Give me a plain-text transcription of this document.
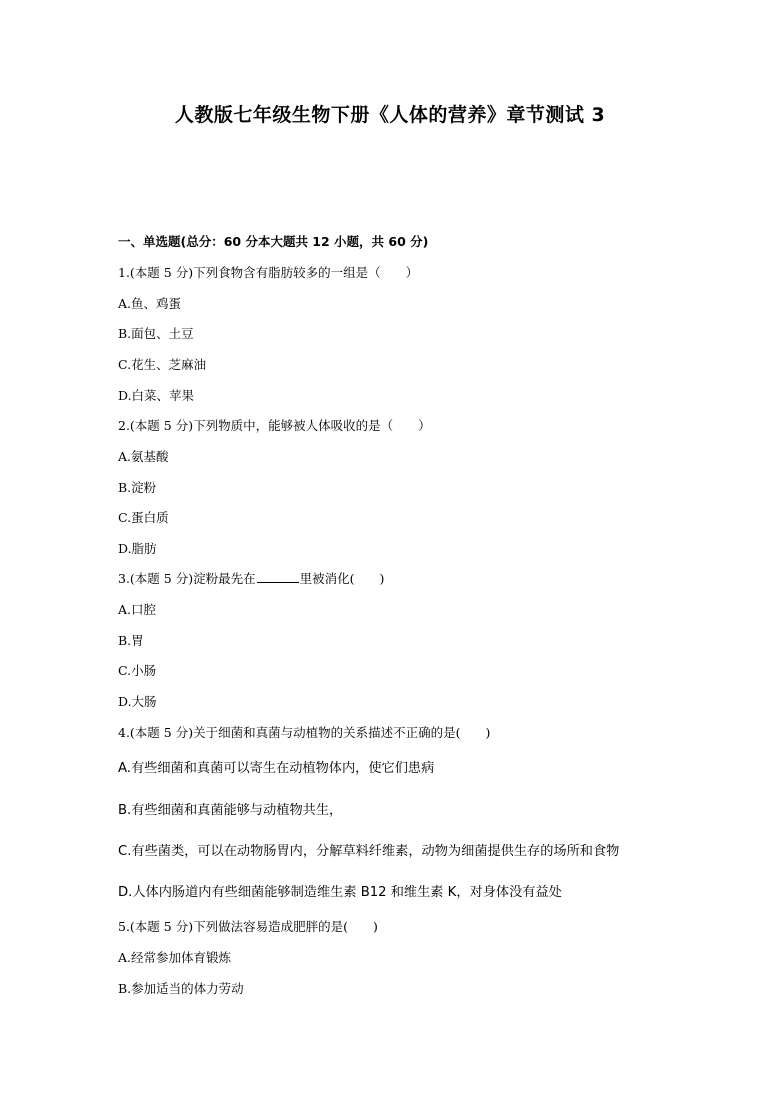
人教版七年级生物下册《人体的营养》章节测试 3
一、单选题(总分：60 分本大题共 12 小题，共 60 分)
1.(本题 5 分)下列食物含有脂肪较多的一组是（　　）
A.鱼、鸡蛋
B.面包、土豆
C.花生、芝麻油
D.白菜、苹果
2.(本题 5 分)下列物质中，能够被人体吸收的是（　　）
A.氨基酸
B.淀粉
C.蛋白质
D.脂肪
3.(本题 5 分)淀粉最先在	里被消化(　　)
A.口腔
B.胃
C.小肠
D.大肠
4.(本题 5 分)关于细菌和真菌与动植物的关系描述不正确的是(　　)
A.有些细菌和真菌可以寄生在动植物体内，使它们患病
B.有些细菌和真菌能够与动植物共生，
C.有些菌类，可以在动物肠胃内，分解草料纤维素，动物为细菌提供生存的场所和食物
D.人体内肠道内有些细菌能够制造维生素 B12 和维生素 K，对身体没有益处
5.(本题 5 分)下列做法容易造成肥胖的是(　　)
A.经常参加体育锻炼
B.参加适当的体力劳动
